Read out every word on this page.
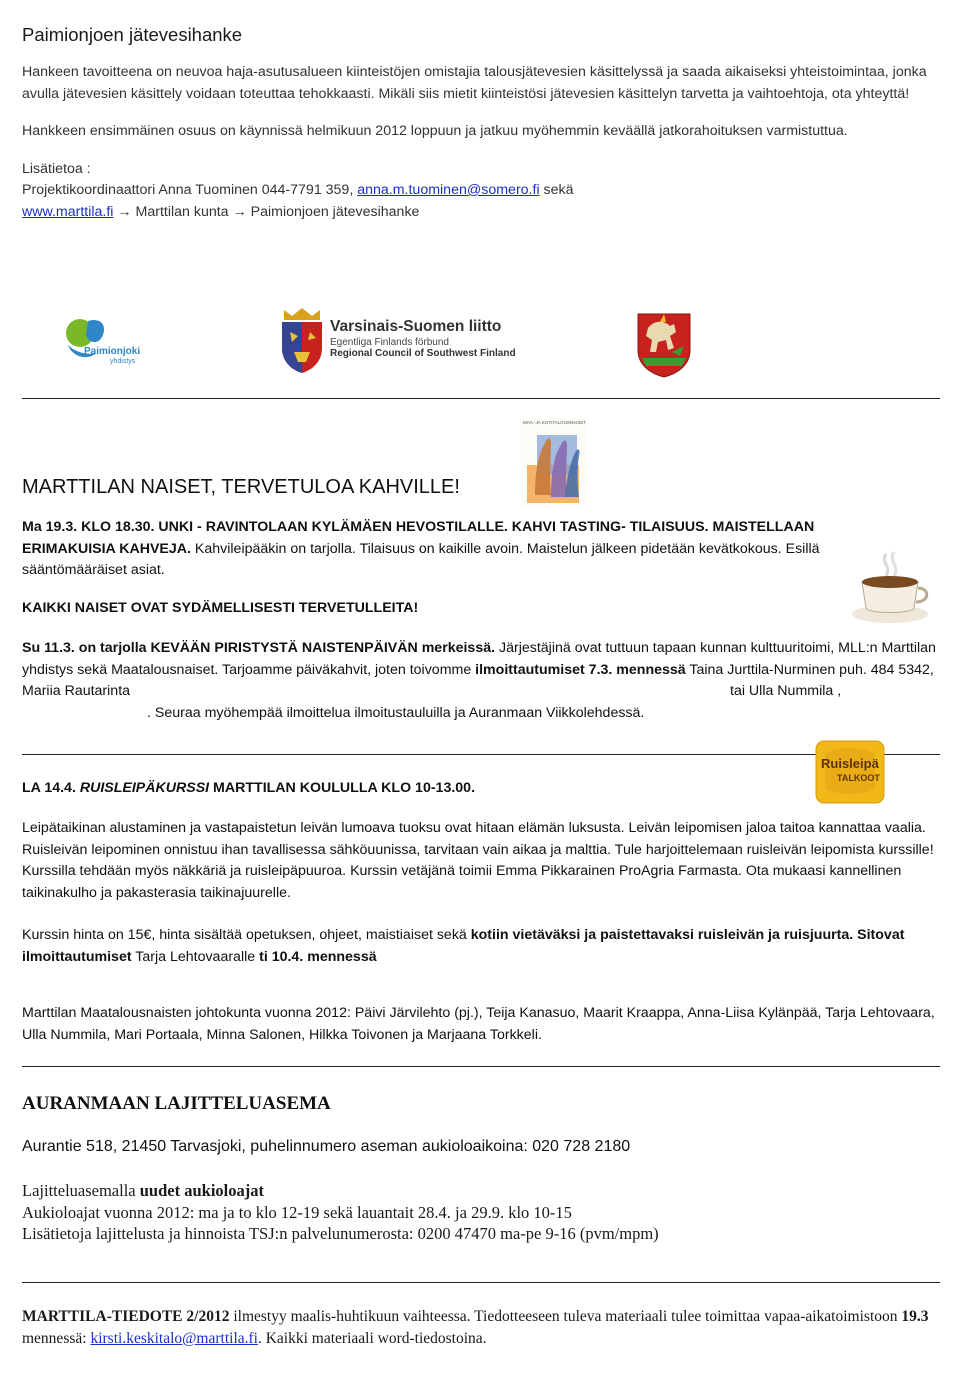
Paimionjoen jätevesihanke

Hankeen tavoitteena on neuvoa haja-asutusalueen kiinteistöjen omistajia talousjätevesien käsittelyssä ja saada aikaiseksi yhteistoimintaa, jonka avulla jätevesien käsittely voidaan toteuttaa tehokkaasti. Mikäli siis mietit kiinteistösi jätevesien käsittelyn tarvetta ja vaihtoehtoja, ota yhteyttä!

Hankkeen ensimmäinen osuus on käynnissä helmikuun 2012 loppuun ja jatkuu myöhemmin keväällä jatkorahoituksen varmistuttua.

Lisätietoa :

Projektikoordinaattori Anna Tuominen 044-7791 359, anna.m.tuominen@somero.fi sekä

www.marttila.fi → Marttilan kunta → Paimionjoen jätevesihanke

Paimionjoki
yhdistys
Varsinais-Suomen liitto
Egentliga Finlands förbund
Regional Council of Southwest Finland
MAA- JA KOTITALOUSNAISET
MARTTILAN NAISET, TERVETULOA KAHVILLE!

Ma 19.3. KLO 18.30. UNKI - RAVINTOLAAN KYLÄMÄEN HEVOSTILALLE. KAHVI TASTING- TILAISUUS. MAISTELLAAN ERIMAKUISIA KAHVEJA. Kahvileipääkin on tarjolla. Tilaisuus on kaikille avoin. Maistelun jälkeen pidetään kevätkokous. Esillä sääntömääräiset asiat.

KAIKKI NAISET OVAT SYDÄMELLISESTI TERVETULLEITA!

Su 11.3. on tarjolla KEVÄÄN PIRISTYSTÄ NAISTENPÄIVÄN merkeissä. Järjestäjinä ovat tuttuun tapaan kunnan kulttuuritoimi, MLL:n Marttilan yhdistys sekä Maatalousnaiset. Tarjoamme päiväkahvit, joten toivomme ilmoittautumiset 7.3. mennessä Taina Jurttila-Nurminen puh. 484 5342, Mariia Rautarinta	tai Ulla Nummila ,
. Seuraa myöhempää ilmoittelua ilmoitustauluilla ja Auranmaan Viikkolehdessä.
Ruisleipä
TALKOOT

LA 14.4. RUISLEIPÄKURSSI MARTTILAN KOULULLA KLO 10-13.00.

Leipätaikinan alustaminen ja vastapaistetun leivän lumoava tuoksu ovat hitaan elämän luksusta. Leivän leipomisen jaloa taitoa kannattaa vaalia. Ruisleivän leipominen onnistuu ihan tavallisessa sähköuunissa, tarvitaan vain aikaa ja malttia. Tule harjoittelemaan ruisleivän leipomista kurssille! Kurssilla tehdään myös näkkäriä ja ruisleipäpuuroa. Kurssin vetäjänä toimii Emma Pikkarainen ProAgria Farmasta. Ota mukaasi kannellinen taikinakulho ja pakasterasia taikinajuurelle.

Kurssin hinta on 15€, hinta sisältää opetuksen, ohjeet, maistiaiset sekä kotiin vietäväksi ja paistettavaksi ruisleivän ja ruisjuurta. Sitovat ilmoittautumiset Tarja Lehtovaaralle ti 10.4. mennessä

Marttilan Maatalousnaisten johtokunta vuonna 2012: Päivi Järvilehto (pj.), Teija Kanasuo, Maarit Kraappa, Anna-Liisa Kylänpää, Tarja Lehtovaara, Ulla Nummila, Mari Portaala, Minna Salonen, Hilkka Toivonen ja Marjaana Torkkeli.

AURANMAAN LAJITTELUASEMA
Aurantie 518, 21450 Tarvasjoki, puhelinnumero aseman aukioloaikoina: 020 728 2180

Lajitteluasemalla uudet aukioloajat

Aukioloajat vuonna 2012: ma ja to klo 12-19 sekä lauantait 28.4. ja 29.9. klo 10-15

Lisätietoja lajittelusta ja hinnoista TSJ:n palvelunumerosta: 0200 47470 ma-pe 9-16 (pvm/mpm)

MARTTILA-TIEDOTE 2/2012 ilmestyy maalis-huhtikuun vaihteessa. Tiedotteeseen tuleva materiaali tulee toimittaa vapaa-aikatoimistoon 19.3 mennessä: kirsti.keskitalo@marttila.fi. Kaikki materiaali word-tiedostoina.
